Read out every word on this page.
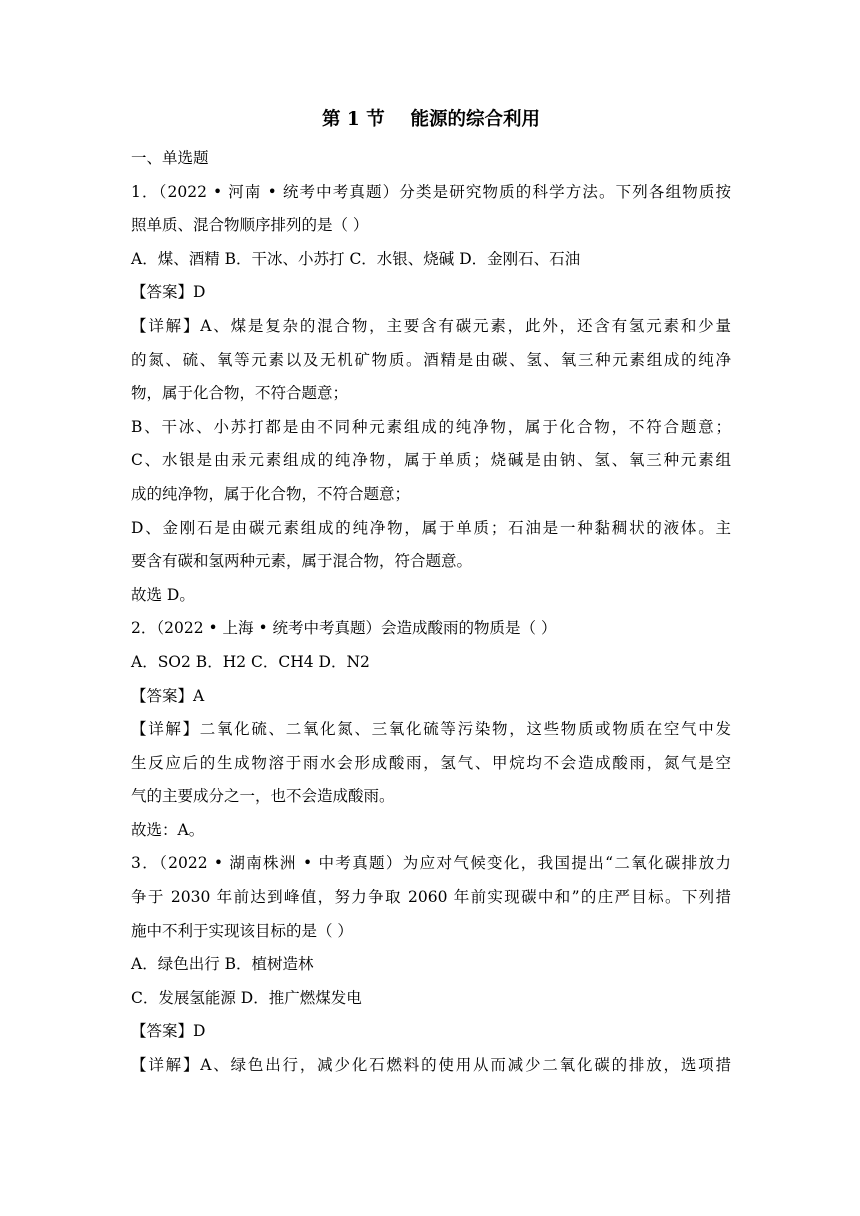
第 1 节    能源的综合利用
一、单选题
1．（2022 • 河南 • 统考中考真题）分类是研究物质的科学方法。下列各组物质按
照单质、混合物顺序排列的是（ ）
A．煤、酒精 B．干冰、小苏打 C．水银、烧碱 D．金刚石、石油
【答案】D
【详解】A、煤是复杂的混合物，主要含有碳元素，此外，还含有氢元素和少量
的氮、硫、氧等元素以及无机矿物质。酒精是由碳、氢、氧三种元素组成的纯净
物，属于化合物，不符合题意；
B、干冰、小苏打都是由不同种元素组成的纯净物，属于化合物，不符合题意；
C、水银是由汞元素组成的纯净物，属于单质；烧碱是由钠、氢、氧三种元素组
成的纯净物，属于化合物，不符合题意；
D、金刚石是由碳元素组成的纯净物，属于单质；石油是一种黏稠状的液体。主
要含有碳和氢两种元素，属于混合物，符合题意。
故选 D。
2．（2022 • 上海 • 统考中考真题）会造成酸雨的物质是（ ）
A．SO2 B．H2 C．CH4 D．N2
【答案】A
【详解】二氧化硫、二氧化氮、三氧化硫等污染物，这些物质或物质在空气中发
生反应后的生成物溶于雨水会形成酸雨，氢气、甲烷均不会造成酸雨，氮气是空
气的主要成分之一，也不会造成酸雨。
故选：A。
3．（2022 • 湖南株洲 • 中考真题）为应对气候变化，我国提出“二氧化碳排放力
争于 2030 年前达到峰值，努力争取 2060 年前实现碳中和”的庄严目标。下列措
施中不利于实现该目标的是（ ）
A．绿色出行 B．植树造林
C．发展氢能源 D．推广燃煤发电
【答案】D
【详解】A、绿色出行，减少化石燃料的使用从而减少二氧化碳的排放，选项措
